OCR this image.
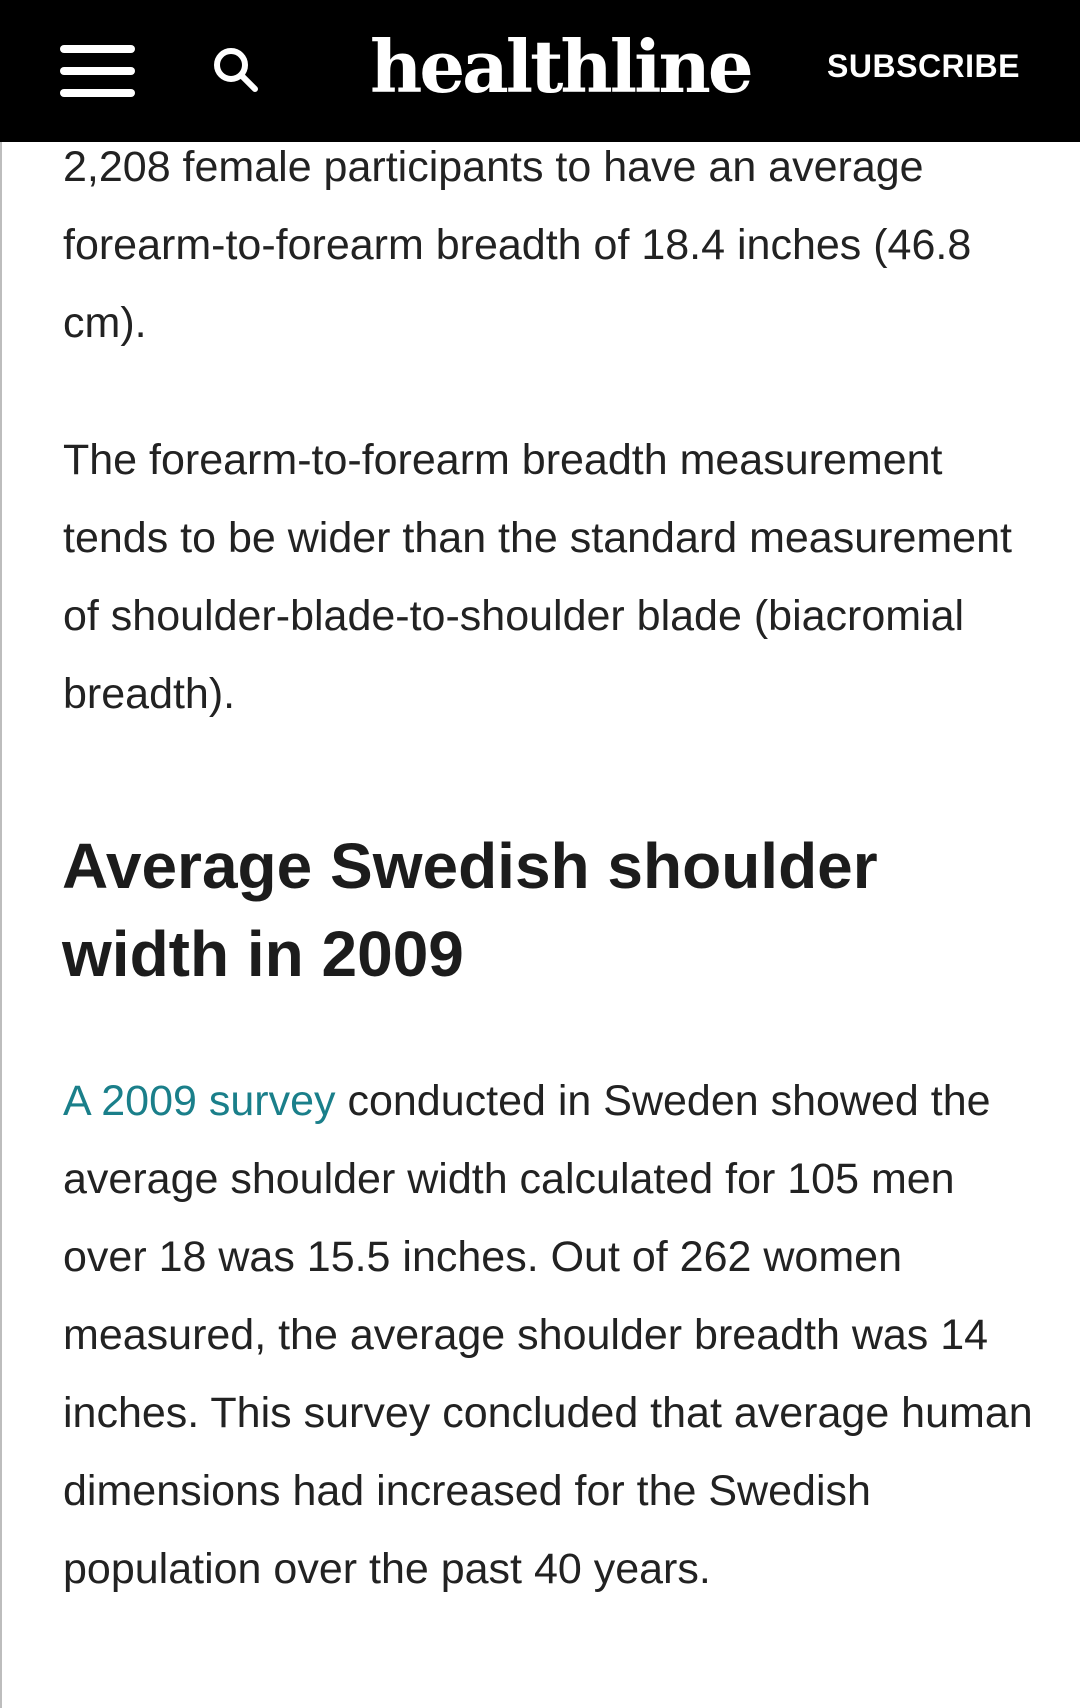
2,208 female participants to have an average forearm-to-forearm breadth of 18.4 inches (46.8 cm).

The forearm-to-forearm breadth measurement tends to be wider than the standard measurement of shoulder-blade-to-shoulder blade (biacromial breadth).

Average Swedish shoulder width in 2009

A 2009 survey conducted in Sweden showed the average shoulder width calculated for 105 men over 18 was 15.5 inches. Out of 262 women measured, the average shoulder breadth was 14 inches. This survey concluded that average human dimensions had increased for the Swedish population over the past 40 years.

healthline SUBSCRIBE
